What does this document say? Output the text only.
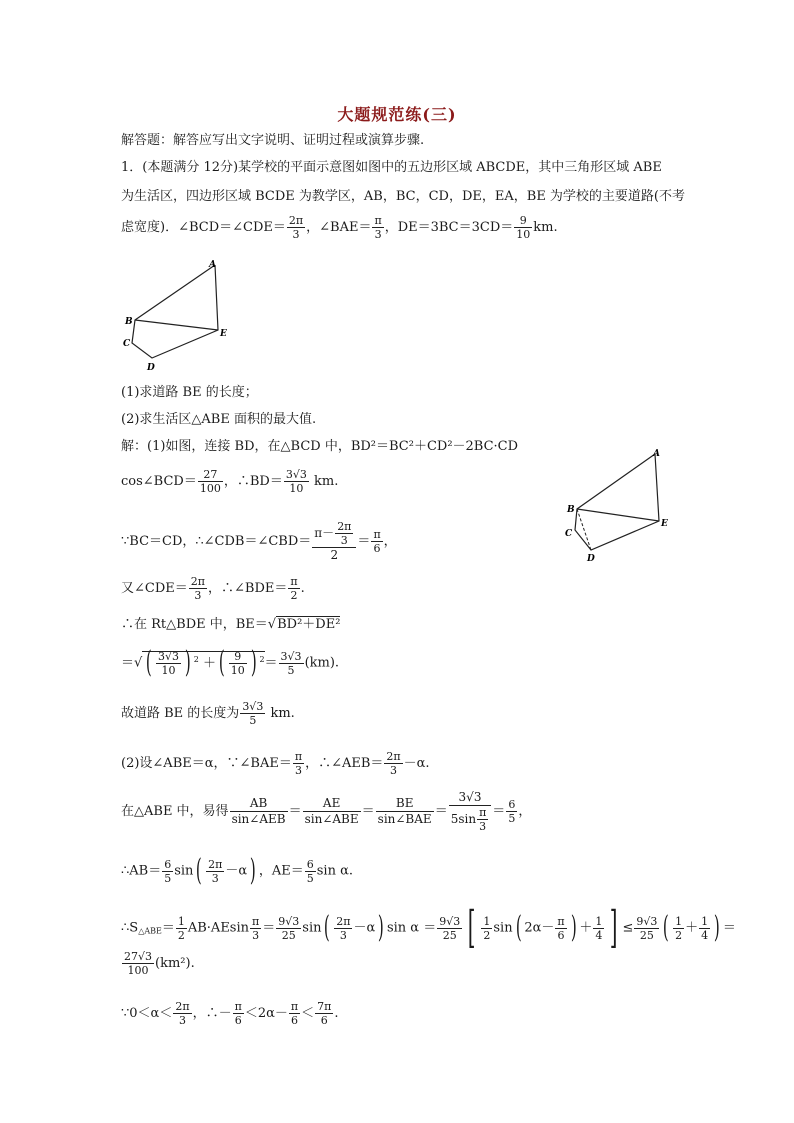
大题规范练(三)
解答题：解答应写出文字说明、证明过程或演算步骤.
1．(本题满分 12分)某学校的平面示意图如图中的五边形区域 ABCDE，其中三角形区域 ABE
为生活区，四边形区域 BCDE 为教学区，AB，BC，CD，DE，EA，BE 为学校的主要道路(不考
虑宽度)．∠BCD＝∠CDE＝ $\frac{2\pi}{3}$ ，∠BAE＝ $\frac{\pi}{3}$ ，$DE=3BC=3CD= \frac{9}{10}$ km.
A
B
C
D
E
(1)求道路 BE 的长度；
(2)求生活区△ABE 面积的最大值.
解：(1)如图，连接 BD，在△BCD 中，BD²＝BC²＋CD²－2BC·CD
cos∠BCD＝ $\frac{27}{100}$ ，∴BD＝ $\frac{3√3}{10}$ km.
A
B
C
D
E
∵BC＝CD，∴∠CDB＝∠CBD＝ $\frac{\pi- \frac{2\pi}{3}}{2} = \frac{\pi}{6}$ ，
又∠CDE＝ $\frac{2\pi}{3}$ ，∴∠BDE＝ $\frac{\pi}{2}$ .
∴在 Rt△BDE 中，BE＝√BD²＋DE²
＝√ ( $\frac{3√3}{10}$ ) $^2$ ＋( $\frac{9}{10}$ ) $^2= \frac{3√3}{5} (km)$.
故道路 BE 的长度为 $\frac{3√3}{5}$ km.
(2)设∠ABE＝α，∵∠BAE＝ $\frac{\pi}{3}$ ，∴∠AEB＝ $\frac{2\pi}{3} -\alpha$.
在△ABE 中，易得
AB
sin∠AEB ＝
AE
sin∠ABE ＝
BE
sin∠BAE ＝ $\frac{3√3}{5\sin \frac{\pi}{3}} = \frac{6}{5}$ ，
∴AB＝ $\frac{6}{5} \sin( \frac{2\pi}{3} -\alpha)$ ，$AE= \frac{6}{5}$ sin α.
$\therefore S_{\triangle ABE}= \frac{1}{2} AB\cdot AEsin \frac{\pi}{3} = \frac{9√3}{25} \sin( \frac{2\pi}{3} -\alpha)$ $\sin \alpha = \frac{9√3}{25}$ [ $\frac{1}{2} \sin$( $2\alpha- \frac{\pi}{6}$ ) ＋ $\frac{1}{4}$ ] ≤ $\frac{9√3}{25}$ ( $\frac{1}{2} + \frac{1}{4}$ ) ＝
$\frac{27√3}{100} (km^2)$.
∵0＜α＜ $\frac{2\pi}{3}$ ，∴－ $\frac{\pi}{6} <2\alpha- \frac{\pi}{6} < \frac{7\pi}{6}$ .
